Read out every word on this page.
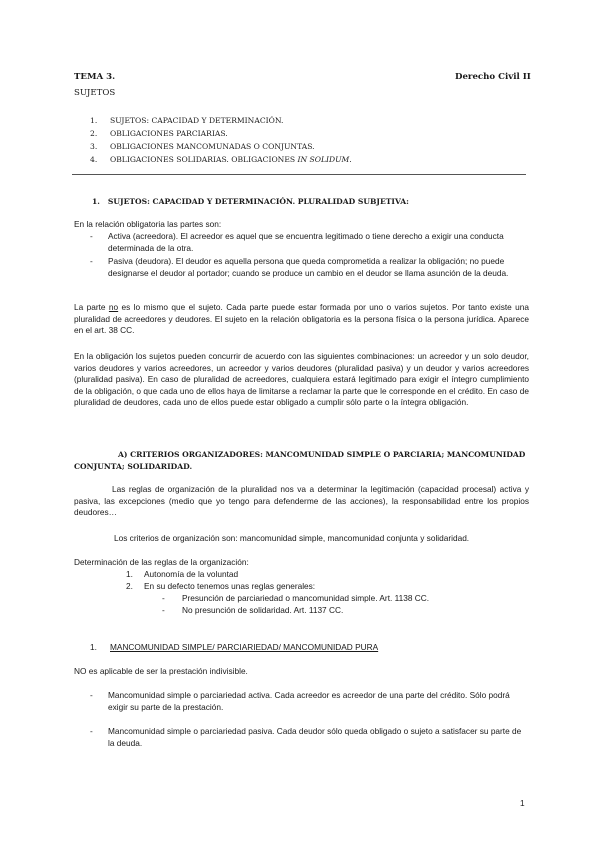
TEMA 3.	Derecho Civil II
SUJETOS
1.	SUJETOS: CAPACIDAD Y DETERMINACIÓN.
2.	OBLIGACIONES PARCIARIAS.
3.	OBLIGACIONES MANCOMUNADAS O CONJUNTAS.
4.	OBLIGACIONES SOLIDARIAS. OBLIGACIONES IN SOLIDUM.
1. SUJETOS: CAPACIDAD Y DETERMINACIÓN. PLURALIDAD SUBJETIVA:

En la relación obligatoria las partes son:

-	Activa (acreedora). El acreedor es aquel que se encuentra legitimado o tiene derecho a exigir una conducta determinada de la otra.
-	Pasiva (deudora). El deudor es aquella persona que queda comprometida a realizar la obligación; no puede designarse el deudor al portador; cuando se produce un cambio en el deudor se llama asunción de la deuda.

La parte no es lo mismo que el sujeto. Cada parte puede estar formada por uno o varios sujetos. Por tanto existe una pluralidad de acreedores y deudores. El sujeto en la relación obligatoria es la persona física o la persona jurídica. Aparece en el art. 38 CC.

En la obligación los sujetos pueden concurrir de acuerdo con las siguientes combinaciones: un acreedor y un solo deudor, varios deudores y varios acreedores, un acreedor y varios deudores (pluralidad pasiva) y un deudor y varios acreedores (pluralidad pasiva). En caso de pluralidad de acreedores, cualquiera estará legitimado para exigir el íntegro cumplimiento de la obligación, o que cada uno de ellos haya de limitarse a reclamar la parte que le corresponde en el crédito. En caso de pluralidad de deudores, cada uno de ellos puede estar obligado a cumplir sólo parte o la íntegra obligación.

A) CRITERIOS ORGANIZADORES: MANCOMUNIDAD SIMPLE O PARCIARIA; MANCOMUNIDAD
CONJUNTA; SOLIDARIDAD.

Las reglas de organización de la pluralidad nos va a determinar la legitimación (capacidad procesal) activa y pasiva, las excepciones (medio que yo tengo para defenderme de las acciones), la responsabilidad entre los propios deudores…

Los criterios de organización son: mancomunidad simple, mancomunidad conjunta y solidaridad.

Determinación de las reglas de la organización:

1.	Autonomía de la voluntad
2.	En su defecto tenemos unas reglas generales:
-	Presunción de parciariedad o mancomunidad simple. Art. 1138 CC.
-	No presunción de solidaridad. Art. 1137 CC.
1. MANCOMUNIDAD SIMPLE/ PARCIARIEDAD/ MANCOMUNIDAD PURA

NO es aplicable de ser la prestación indivisible.

-	Mancomunidad simple o parciariedad activa. Cada acreedor es acreedor de una parte del crédito. Sólo podrá exigir su parte de la prestación.
-	Mancomunidad simple o parciariedad pasiva. Cada deudor sólo queda obligado o sujeto a satisfacer su parte de la deuda.
1
